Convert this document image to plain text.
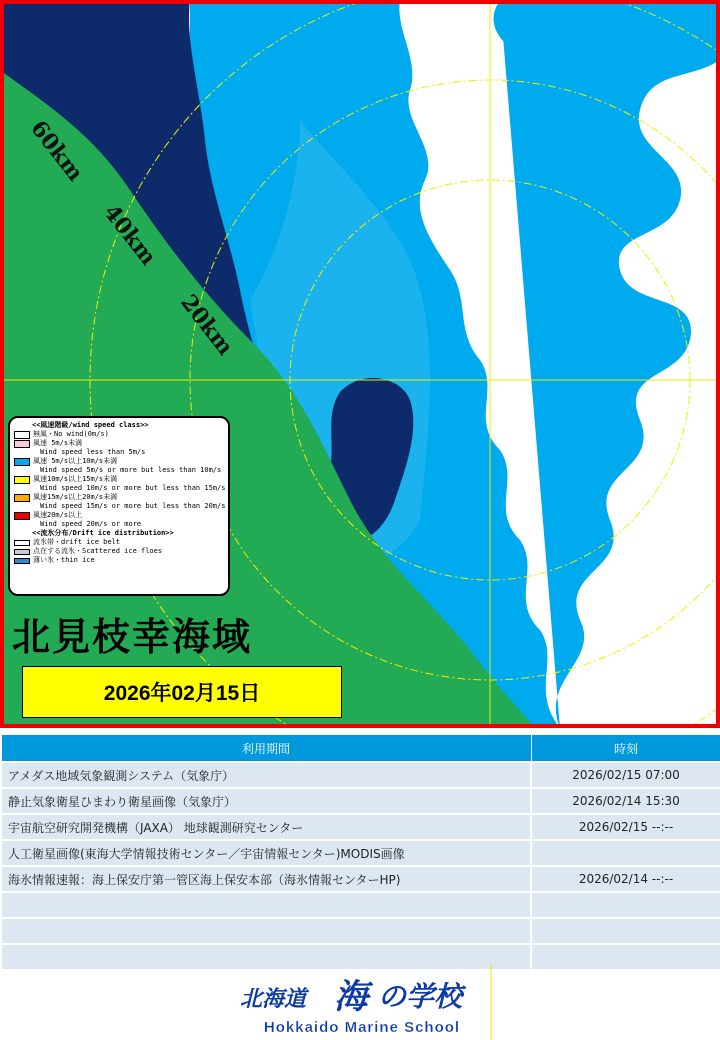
60km
40km
20km
<<風速階級/wind speed class>>
無風・No wind(0m/s)
風速 5m/s未満
Wind speed less than 5m/s
風速 5m/s以上10m/s未満
Wind speed 5m/s or more but less than 10m/s
風速10m/s以上15m/s未満
Wind speed 10m/s or more but less than 15m/s
風速15m/s以上20m/s未満
Wind speed 15m/s or more but less than 20m/s
風速20m/s以上
Wind speed 20m/s or more
<<流氷分布/Drift ice distribution>>
流氷帯・drift ice belt
点在する流氷・Scattered ice floes
薄い氷・thin ice
北見枝幸海域
2026年02月15日
利用期間	時刻
アメダス地域気象観測システム（気象庁）	2026/02/15 07:00
静止気象衛星ひまわり衛星画像（気象庁）	2026/02/14 15:30
宇宙航空研究開発機構（JAXA） 地球観測研究センター	2026/02/15 --:--
人工衛星画像(東海大学情報技術センター／宇宙情報センター)MODIS画像	
海氷情報速報：海上保安庁第一管区海上保安本部（海氷情報センターHP)	2026/02/14 --:--

北海道 海 の学校
Hokkaido Marine School
